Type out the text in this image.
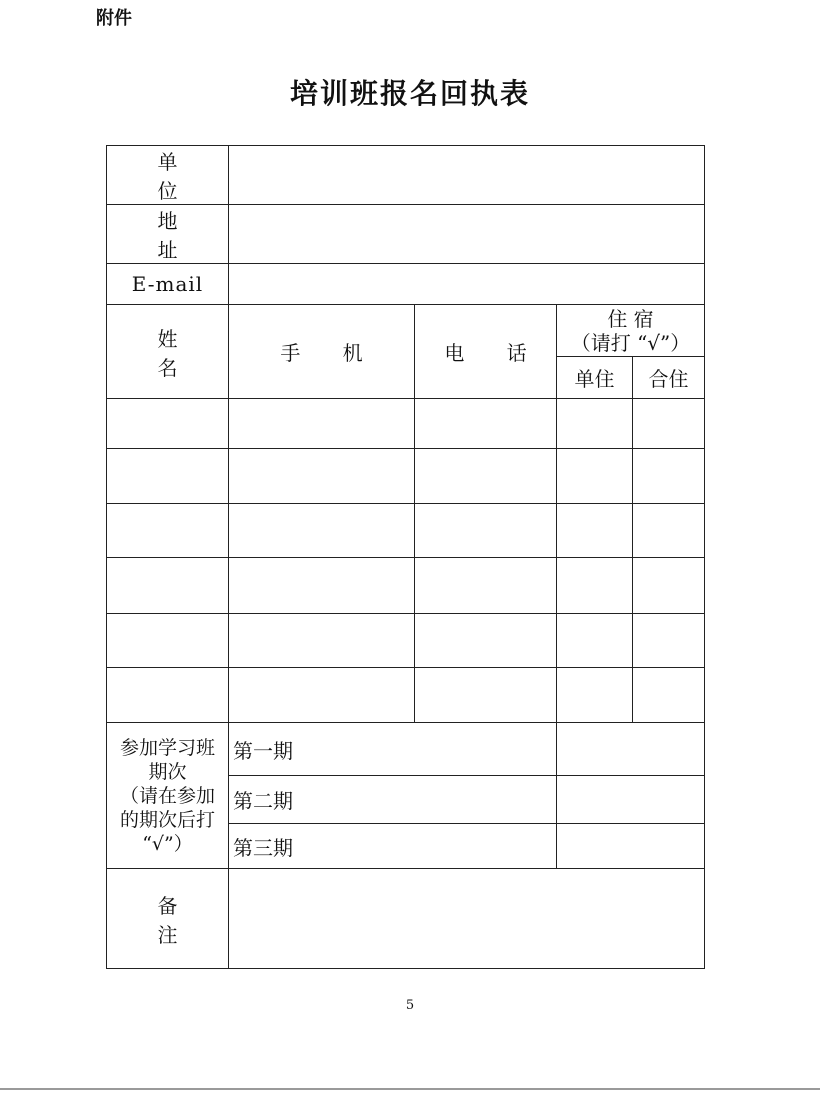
附件
培训班报名回执表
单 位				
地 址				
E-mail				
姓 名	手 机	电 话	住 宿
（请打 “√”）	

			单住	合住

参加学习班
期次
（请在参加
的期次后打
“√”）	第一期			
	第二期			
	第三期			
备 注				
5
